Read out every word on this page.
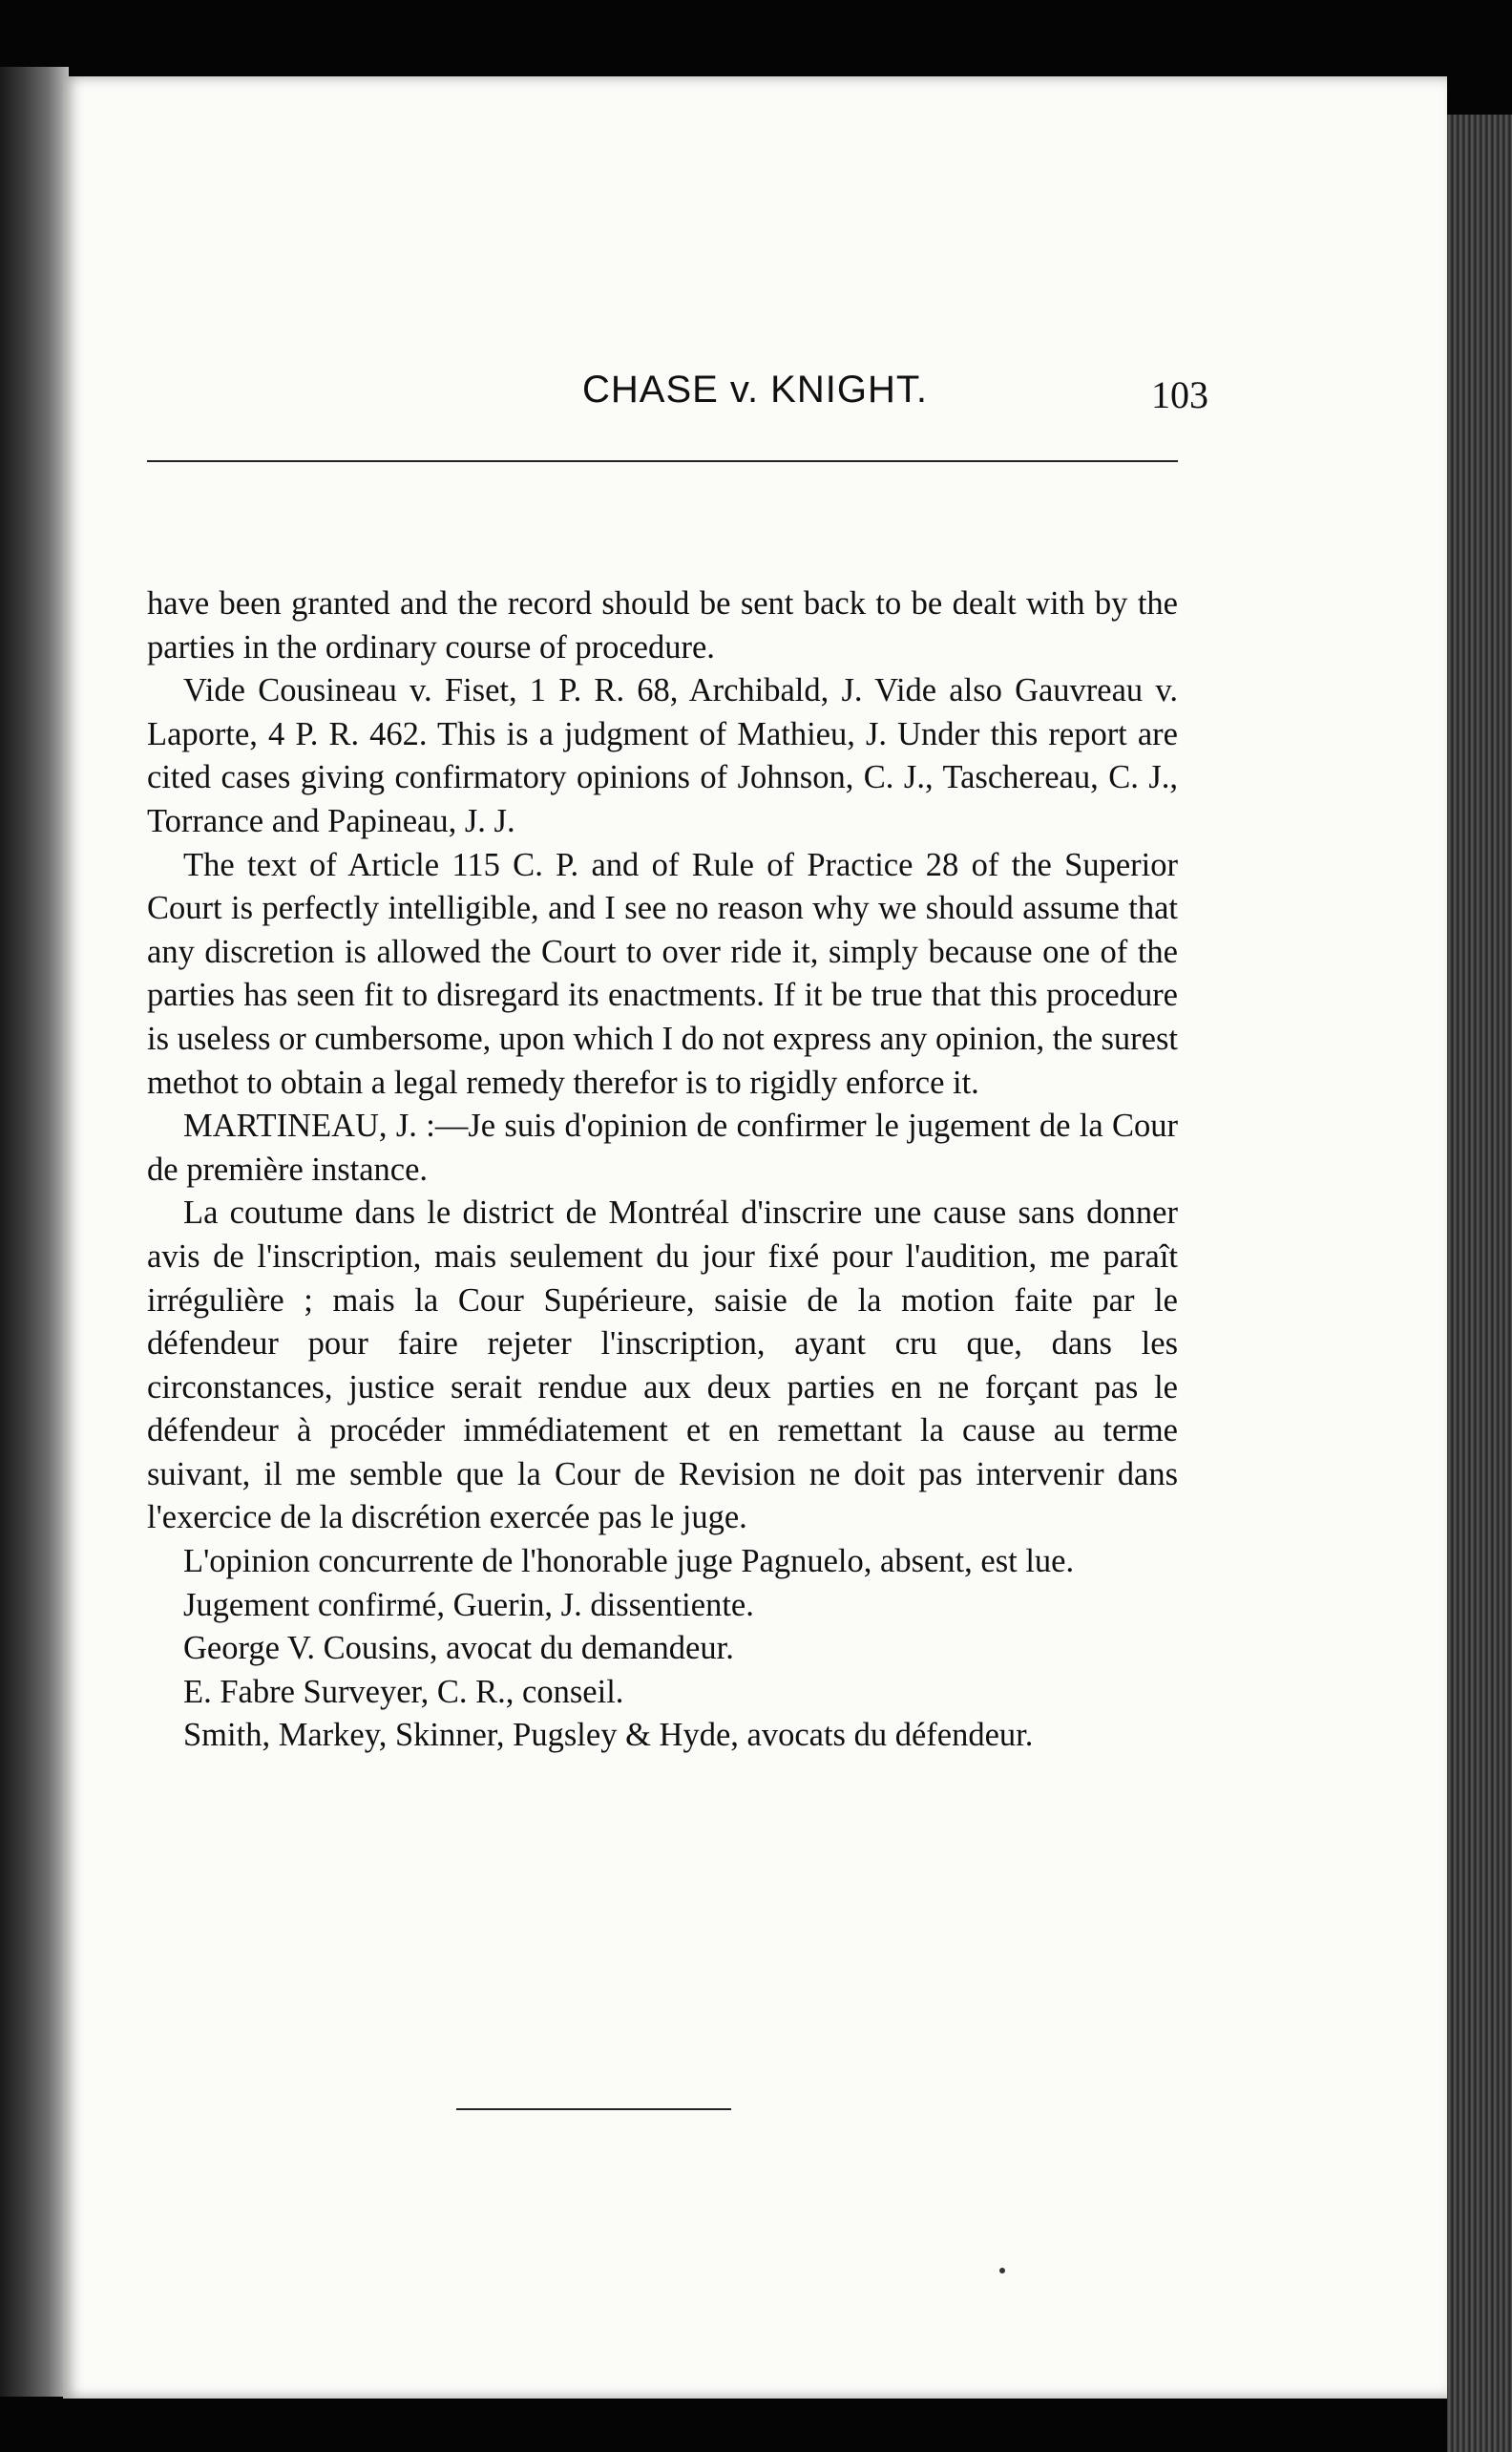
CHASE v. KNIGHT.	103

have been granted and the record should be sent back to be dealt with by the parties in the ordinary course of procedure.

Vide Cousineau v. Fiset, 1 P. R. 68, Archibald, J. Vide also Gauvreau v. Laporte, 4 P. R. 462. This is a judgment of Mathieu, J. Under this report are cited cases giving confirmatory opinions of Johnson, C. J., Taschereau, C. J., Torrance and Papineau, J. J.

The text of Article 115 C. P. and of Rule of Practice 28 of the Superior Court is perfectly intelligible, and I see no reason why we should assume that any discretion is allowed the Court to over ride it, simply because one of the parties has seen fit to disregard its enactments. If it be true that this procedure is useless or cumbersome, upon which I do not express any opinion, the surest methot to obtain a legal remedy therefor is to rigidly enforce it.

MARTINEAU, J. :—Je suis d'opinion de confirmer le jugement de la Cour de première instance.

La coutume dans le district de Montréal d'inscrire une cause sans donner avis de l'inscription, mais seulement du jour fixé pour l'audition, me paraît irrégulière ; mais la Cour Supérieure, saisie de la motion faite par le défendeur pour faire rejeter l'inscription, ayant cru que, dans les circonstances, justice serait rendue aux deux parties en ne forçant pas le défendeur à procéder immédiatement et en remettant la cause au terme suivant, il me semble que la Cour de Revision ne doit pas intervenir dans l'exercice de la discrétion exercée pas le juge.

L'opinion concurrente de l'honorable juge Pagnuelo, absent, est lue.

Jugement confirmé, Guerin, J. dissentiente.

George V. Cousins, avocat du demandeur.

E. Fabre Surveyer, C. R., conseil.

Smith, Markey, Skinner, Pugsley & Hyde, avocats du défendeur.
